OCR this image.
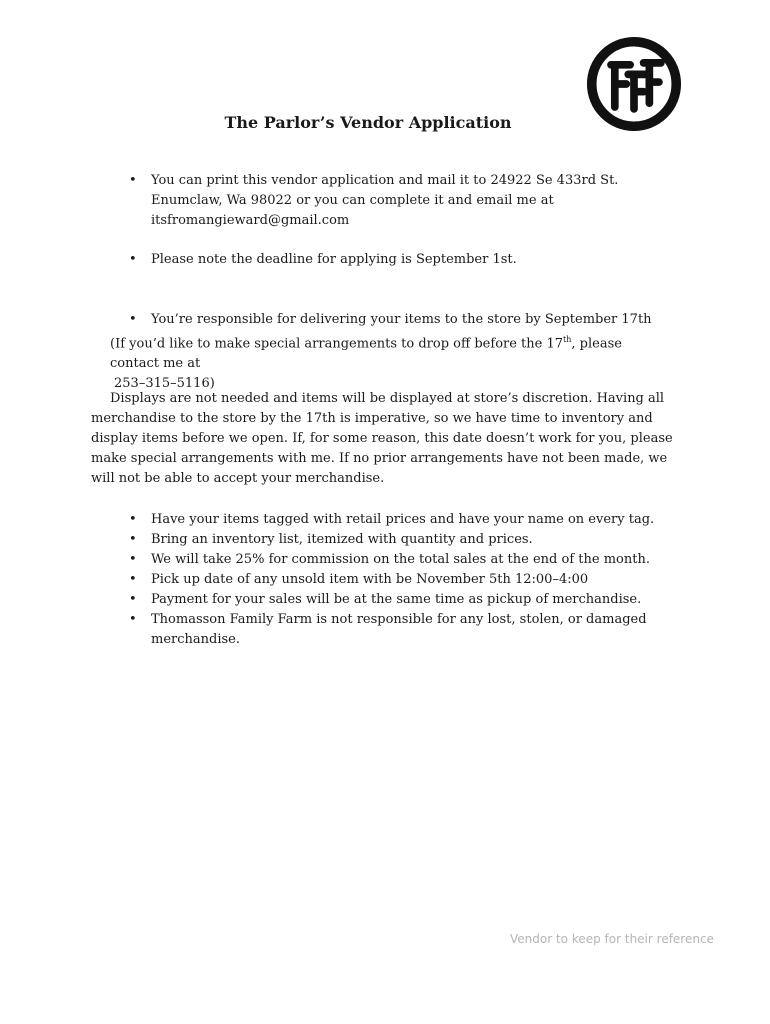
The Parlor’s Vendor Application
• You can print this vendor application and mail it to 24922 Se 433rd St. Enumclaw, Wa 98022 or you can complete it and email me at itsfromangieward@gmail.com
• Please note the deadline for applying is September 1st.
• You’re responsible for delivering your items to the store by September 17th
(If you’d like to make special arrangements to drop off before the 17th, please contact me at
253–315–5116)
Displays are not needed and items will be displayed at store’s discretion. Having all merchandise to the store by the 17th is imperative, so we have time to inventory and display items before we open. If, for some reason, this date doesn’t work for you, please make special arrangements with me. If no prior arrangements have not been made, we will not be able to accept your merchandise.
• Have your items tagged with retail prices and have your name on every tag.
• Bring an inventory list, itemized with quantity and prices.
• We will take 25% for commission on the total sales at the end of the month.
• Pick up date of any unsold item with be November 5th 12:00–4:00
• Payment for your sales will be at the same time as pickup of merchandise.
• Thomasson Family Farm is not responsible for any lost, stolen, or damaged merchandise.
Vendor to keep for their reference
